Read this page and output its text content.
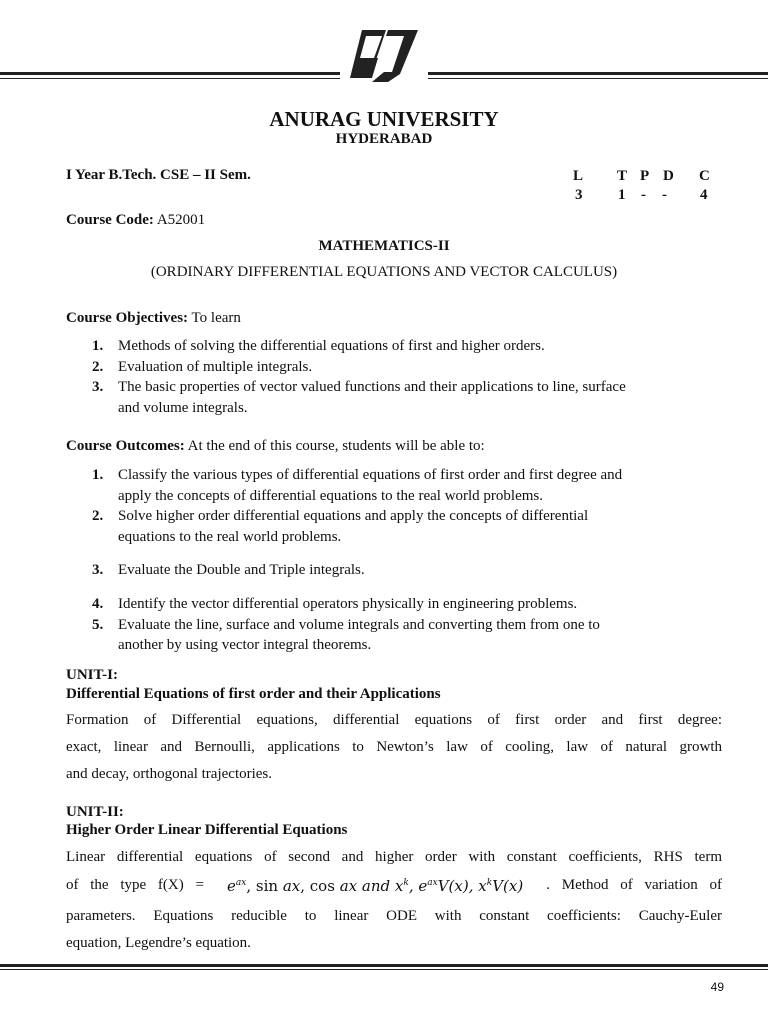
ANURAG UNIVERSITY
HYDERABAD
I Year B.Tech. CSE – II Sem.	L T P D C
3 1 - - 4
Course Code: A52001
MATHEMATICS-II
(ORDINARY DIFFERENTIAL EQUATIONS AND VECTOR CALCULUS)
Course Objectives: To learn
1. Methods of solving the differential equations of first and higher orders.
2. Evaluation of multiple integrals.
3. The basic properties of vector valued functions and their applications to line, surface
and volume integrals.
Course Outcomes: At the end of this course, students will be able to:
1. Classify the various types of differential equations of first order and first degree and
apply the concepts of differential equations to the real world problems.
2. Solve higher order differential equations and apply the concepts of differential
equations to the real world problems.
3. Evaluate the Double and Triple integrals.
4. Identify the vector differential operators physically in engineering problems.
5. Evaluate the line, surface and volume integrals and converting them from one to
another by using vector integral theorems.
UNIT-I:
Differential Equations of first order and their Applications
Formation of Differential equations, differential equations of first order and first degree:
exact, linear and Bernoulli, applications to Newton’s law of cooling, law of natural growth
and decay, orthogonal trajectories.
UNIT-II:
Higher Order Linear Differential Equations
Linear differential equations of second and higher order with constant coefficients, RHS term
of the type $f(X) = e^{ax}$, sin ax, cos ax and $x^k$, $e^{ax}V(x)$, $x^kV(x)$ . Method of variation of
parameters. Equations reducible to linear ODE with constant coefficients: Cauchy-Euler
equation, Legendre’s equation.
49
